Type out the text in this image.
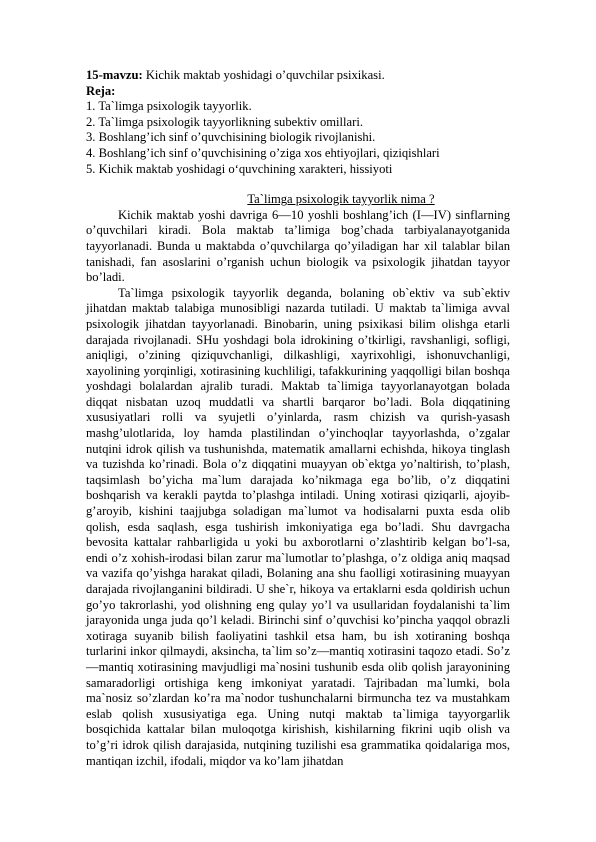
15-mavzu: Kichik maktab yoshidagi o’quvchilar psixikasi.

Reja:

1. Ta`limga psixologik tayyorlik.

2. Ta`limga psixologik tayyorlikning subektiv omillari.

3. Boshlang’ich sinf o’quvchisining biologik rivojlanishi.

4. Boshlang’ich sinf o’quvchisining o’ziga xos ehtiyojlari, qiziqishlari

5. Kichik maktab yoshidagi o‘quvchining xarakteri, hissiyoti

Ta`limga psixologik tayyorlik nima ?

Kichik maktab yoshi davriga 6—10 yoshli boshlang’ich (I—IV) sinflarning o’quvchilari kiradi. Bola maktab ta’limiga bog’chada tarbiyalanayotganida tayyorlanadi. Bunda u maktabda o’quvchilarga qo’yiladigan har xil talablar bilan tanishadi, fan asoslarini o’rganish uchun biologik va psixologik jihatdan tayyor bo’ladi.

Ta`limga psixologik tayyorlik deganda, bolaning ob`ektiv va sub`ektiv jihatdan maktab talabiga munosibligi nazarda tutiladi. U maktab ta`limiga avval psixologik jihatdan tayyorlanadi. Binobarin, uning psixikasi bilim olishga etarli darajada rivojlanadi. SHu yoshdagi bola idrokining o’tkirligi, ravshanligi, sofligi, aniqligi, o’zining qiziquvchanligi, dilkashligi, xayrixohligi, ishonuvchanligi, xayolining yorqinligi, xotirasining kuchliligi, tafakkurining yaqqolligi bilan boshqa yoshdagi bolalardan ajralib turadi. Maktab ta`limiga tayyorlanayotgan bolada diqqat nisbatan uzoq muddatli va shartli barqaror bo’ladi. Bola diqqatining xususiyatlari rolli va syujetli o’yinlarda, rasm chizish va qurish-yasash mashg’ulotlarida, loy hamda plastilindan o’yinchoqlar tayyorlashda, o’zgalar nutqini idrok qilish va tushunishda, matematik amallarni echishda, hikoya tinglash va tuzishda ko’rinadi. Bola o’z diqqatini muayyan ob`ektga yo’naltirish, to’plash, taqsimlash bo’yicha ma`lum darajada ko’nikmaga ega bo’lib, o’z diqqatini boshqarish va kerakli paytda to’plashga intiladi. Uning xotirasi qiziqarli, ajoyib-g’aroyib, kishini taajjubga soladigan ma`lumot va hodisalarni puxta esda olib qolish, esda saqlash, esga tushirish imkoniyatiga ega bo’ladi. Shu davrgacha bevosita kattalar rahbarligida u yoki bu axborotlarni o’zlashtirib kelgan bo’l-sa, endi o’z xohish-irodasi bilan zarur ma`lumotlar to’plashga, o’z oldiga aniq maqsad va vazifa qo’yishga harakat qiladi, Bolaning ana shu faolligi xotirasining muayyan darajada rivojlanganini bildiradi. U she`r, hikoya va ertaklarni esda qoldirish uchun go’yo takrorlashi, yod olishning eng qulay yo’l va usullaridan foydalanishi ta`lim jarayonida unga juda qo’l keladi. Birinchi sinf o’quvchisi ko’pincha yaqqol obrazli xotiraga suyanib bilish faoliyatini tashkil etsa ham, bu ish xotiraning boshqa turlarini inkor qilmaydi, aksincha, ta`lim so’z—mantiq xotirasini taqozo etadi. So’z—mantiq xotirasining mavjudligi ma`nosini tushunib esda olib qolish jarayonining samaradorligi ortishiga keng imkoniyat yaratadi. Tajribadan ma`lumki, bola ma`nosiz so’zlardan ko’ra ma`nodor tushunchalarni birmuncha tez va mustahkam eslab qolish xususiyatiga ega. Uning nutqi maktab ta`limiga tayyorgarlik bosqichida kattalar bilan muloqotga kirishish, kishilarning fikrini uqib olish va to’g’ri idrok qilish darajasida, nutqining tuzilishi esa grammatika qoidalariga mos, mantiqan izchil, ifodali, miqdor va ko’lam jihatdan
